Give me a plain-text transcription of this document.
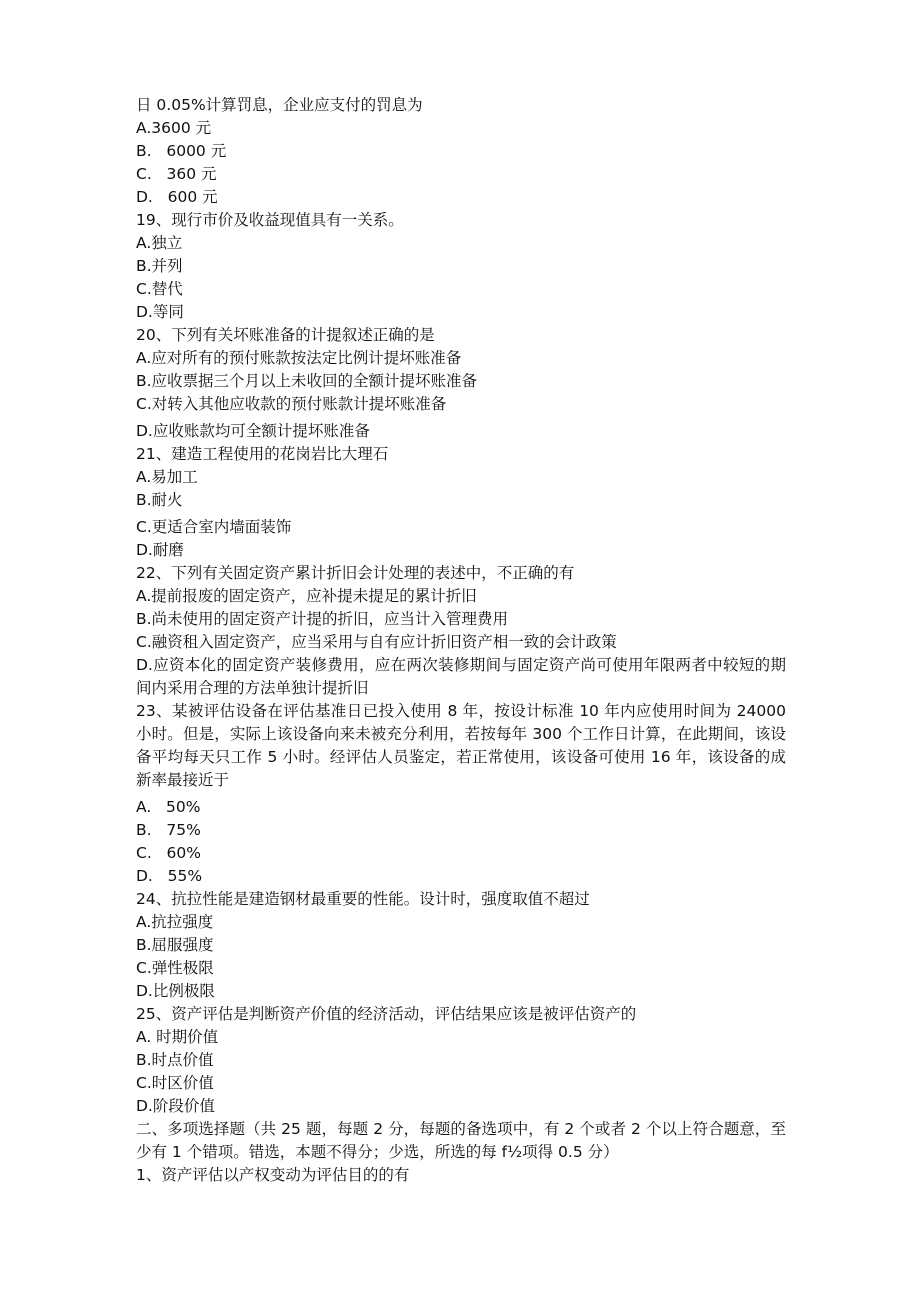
日 0.05%计算罚息，企业应支付的罚息为

A.3600 元

B.   6000 元

C.   360 元

D.   600 元

19、现行市价及收益现值具有一关系。

A.独立

B.并列

C.替代

D.等同

20、下列有关坏账准备的计提叙述正确的是

A.应对所有的预付账款按法定比例计提坏账准备

B.应收票据三个月以上未收回的全额计提坏账准备

C.对转入其他应收款的预付账款计提坏账准备

D.应收账款均可全额计提坏账准备

21、建造工程使用的花岗岩比大理石

A.易加工

B.耐火

C.更适合室内墙面装饰

D.耐磨

22、下列有关固定资产累计折旧会计处理的表述中，不正确的有

A.提前报废的固定资产，应补提未提足的累计折旧

B.尚未使用的固定资产计提的折旧，应当计入管理费用

C.融资租入固定资产，应当采用与自有应计折旧资产相一致的会计政策

D.应资本化的固定资产装修费用，应在两次装修期间与固定资产尚可使用年限两者中较短的期间内采用合理的方法单独计提折旧

23、某被评估设备在评估基准日已投入使用 8 年，按设计标准 10 年内应使用时间为 24000 小时。但是，实际上该设备向来未被充分利用，若按每年 300 个工作日计算，在此期间，该设备平均每天只工作 5 小时。经评估人员鉴定，若正常使用，该设备可使用 16 年，该设备的成新率最接近于

A.   50%

B.   75%

C.   60%

D.   55%

24、抗拉性能是建造钢材最重要的性能。设计时，强度取值不超过

A.抗拉强度

B.屈服强度

C.弹性极限

D.比例极限

25、资产评估是判断资产价值的经济活动，评估结果应该是被评估资产的

A. 时期价值

B.时点价值

C.时区价值

D.阶段价值

二、多项选择题（共 25 题，每题 2 分，每题的备选项中，有 2 个或者 2 个以上符合题意，至少有 1 个错项。错选，本题不得分；少选，所选的每 f½项得 0.5 分）

1、资产评估以产权变动为评估目的的有
